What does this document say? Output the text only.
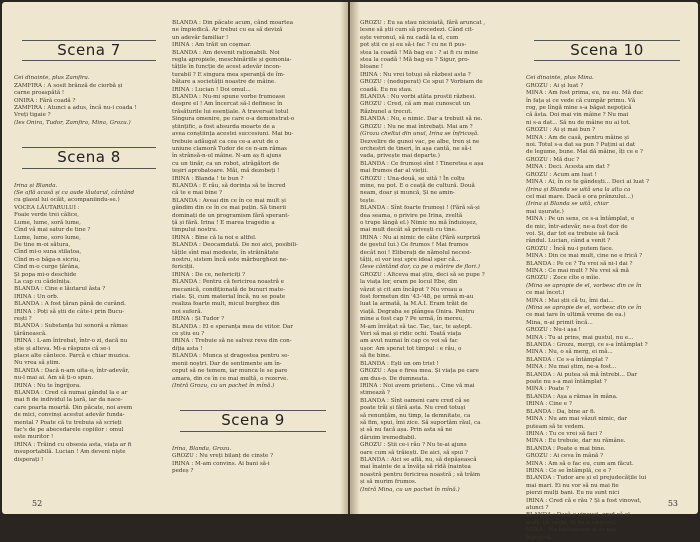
Scena 7

Cei dinainte, plus Zamfira.

ZAMFIRA : A sosit brânză de ciorbă și

carne proaspătă !

ONIRA : Fără coadă ?

ZAMFIRA : Atunci a adus, încă nu-i coada !

Vreți tigaie ?

(Ies Onira, Tudor, Zamfira, Mina, Grozu.)

Scena 8

Irina și Blanda.

(Se află acasă și ca aude lăutarul, cântând

cu glasul lui ocăit, acompaniindu-se.)

VOCEA LĂUTARULUI :

Foaie verde trei câlice,

Lume, lume, soră lume,

Cînd vă mai satur de tine ?

Lume, lume, soro lume,

De tine m-oi sătura,

Cînd mi-o suna stilatoa,

Cînd m-o băga-n sicriu,

Cînd m-o curge țărâna,

Și popa mi-o deschide

La cap cu cădelnița.

BLANDA : Cine e lăutarul ăsta ?

IRINA : Un orb.

BLANDA : A fost țăran până de curând.

IRINA : Poți să știi de câte-i prin Bucu-

rești ?

BLANDA : Substanța lui sonoră a rămas

țărănească.

IRINA : L-am întrebat, într-o zi, dacă nu

știe și alteva. Mi-a răspuns că se-i

place alte cântece. Parcă e chiar muzica.

Nu vrea să știm.

BLANDA : Dacă n-am uita-o, într-adevăr,

nu-l mai ai. Am să ți-o spun.

IRINA : Nu te îngrijora.

BLANDA : Cred că numai gândul la e ar

mai fi de individul la țară, iar da nace-

care poarta moartă. Din păcate, noi avem

de mici, convinși acestui adevăr funda-

mental ? Poate că tu trebuia să scrieți

fac's de pe abecedarele copiilor : omul

este muritor !

IRINA : Trăind cu obsesia asta, viața ar fi

insuportabilă. Lucian ! Am deveni niște

disperați !

BLANDA : Din păcate acum, când moartea

ne împiedică. Ar trebui cu ea să deviză

un adevăr familiar !

IRINA : Am trăit un coșmar.

BLANDA : Am devenit raționabili. Noi

regla apropiele, meschinăriile și gemonia-

tățile în funcție de acest adevăr incon-

turabil ? E singura mea speranță de îm-

bătare a societății noastre de mâine.

IRINA : Lucian ! Doi omul...

BLANDA : Nu-mi spune vorbe frumoase

despre el ! Am încercat să-l definesc în

trăsăturile lui esențiale. A traversat totul

Singura omenire, pe care o-a demonstrat-o

științific, a fost absurda moarte de a

avea conștiința acestei succesiuni. Mai bu-

trebuie adăugat ca cea ce-a avut de o

uniune clamoră Tudor de ce n-am rămas

în strânsă-n-ul mâine. N-am aș fi ajuns

cu un tinăr, ca un robot, atrăgători de

ieșiri aprobatoare. Măi, mă dezobeți !

IRINA : Blanda ! te bun ?

BLANDA : E rău, să dorința să te încred

că te e mai bine ?

BLANDA : Aveai din ce în ce mai mult și

gândim din ce în ce mai puțin. Să tinerii

dominați de un programism fără sperant-

ță și fără. Irina ! E marea tragedie a

timpului nostru.

IRINA : Bine că la noi e altfel.

BLANDA : Deocamdată. De noi aici, posibili-

tățile sînt mai modeste, în străinătate

nostru, sistem încă este mărburghezi ne-

fericiții.

IRINA : De ce, nefericiți ?

BLANDA : Pentru că fericirea noastră e

mecanică, condiționată de bunuri mate-

riale. Și, cum material încă, nu se poate

realiza foarte mult, micul burghez din

noi suferă.

IRINA : Și Tudor ?

BLANDA : El e speranța mea de viitor. Dar

ce știu eu ?

IRINA : Trebuie să ne salvez reva din con-

diția asta !

BLANDA : Munca și dragostea pentru se-

menii noștri. Dar de sentimente am în-

ceput să ne temem, iar munca le se pare

amara, din ce în ce mai multă, o rezerve.

(Intră Grozu, cu un pachet în mînă.)

Scena 9

Irina, Blanda, Grozu.

GROZU : Nu vreți bilanț de cinste ?

IRINA : M-am convins. Ai bani să-i

pedeș ?

52

GROZU : Eu sa stau nicioiată, fără aruncat ,

lesne să știi cum să procedezi. Când cit-

ește veronul, să nu cadă la el, cum

pot știi ce și eu să-i fac ? cu ne fi pus-

stea la coadă ! Mă bag eu : ? ai fi cu mine

stea la coadă ! Mă bag eu ? Sigur, pro-

bloane !

IRINA : Nu vrei totuși să răzbesi asta ?

GROZU : (neduperat) Ce spui ? Vorbiam de

coadă. Eu nu stau.

BLANDA : Nu vorbi atâta prostii răzbesi.

GROZU : Cred, că am mai cunoscut un

Răzbunel a trecut.

BLANDA : Nu, e nimic. Dar a trebuit să ne.

GROZU : Nu ne mai întrebați. Mai am ?

(Grozu cheltui din unul, Irina se înfricoșă.

Dezvelire de gunoi vac, pe albe, tren și ne

orchestri de tineri, în așa cantă, ne să-i

vada, privește mai departe.)

BLANDA : Ce frumoși sînt ! Tineretea e așa

mai frumos dar al vieții.

GROZU : Una-două, se uită ! În colțu

mine, nu pot. E o ceață de cultură. Două

neam, doar și muncă, Și ne amin-

tește.

BLANDA : Sînt foarte frumoși ! (Fără să-și

dea seama, o privire pe Irina, zveltă

o trupe lângă el.) Nimic nu mă înduioșez,

mai mult decât să privești cu tine.

IRINA : Nu ai nimic de câte (Fără surpriză

de gestul lui.) Ce frumos ! Mai frumos

decât noi ! Eliberați de nămolul necesi-

tății, ei vor ieși spre ideal sper că...

(Iese cântând dar, ca pe o mărire de flori.)

GROZU : Altceva mai știu, deci să se pupe ?

la viața lor, eram pe locul Ebe, din

vâzut și cit am încăput ? Nu vreau a

fost formetun din '43-'48, pe urmă m-au

luat la armată, la M.A.I. Eram trăit de

viață. Degraba se plângea Onira. Pentru

mine a fost cap ? Pe urmă, în mereu,

M-am învățat să tac. Tac, tac, te aștept.

Veri să mai și ridic ochi. Toată viața

am avut numai în cap ce voi să fac

ușor. Am sperat tot timpul : e rău, o

să fie bine.

BLANDA : Ești un om trist !

GROZU : Așa e firea mea. Și viața pe care

am dus-o. De dumneata.

IRINA : Noi avem prieteni... Cine vă mai

stimează ?

BLANDA : Sînt oameni care cred că se

poate trăi și fără asta. Nu cred totuși

să renunțăm, nu timp, la demnitate, ca

să fim, spui, îmi zice. Să suportăm răul, ca

și să nu facă așa. Prin asta să ne

dăruim iremediabil.

GROZU : Știi ce-i rău ? Nu te-ai ajuns

oare cum să trăiești. De aici, să spui ?

BLANDA : Aici se află, nu, să depășească

mai înainte de a învăța să rîdă înaintea

noastră pentru fericirea noastră ; să trăim

și să murim frumos.

(Intră Mina, cu un pachet în mînă.)

Scena 10

Cei dinainte, plus Mina.

GROZU : Ai și luat ?

MINA : Am fost prima, eu, nu eu. Mă duc

în fața și ce vede că cumpăr primu. Vă

rog, pe lîngă mine s-a băgat nepoțică

că ăsta. Doi mai vin mâine ? Nu mai

ni s-a dat... Să nu de mâine nu ai tot.

GROZU : Ai și mai bun ?

MINA : Am de casă, pentru mâine și

noi. Totul s-a dat sa pun ? Puțini ai dat

de legume, bune. Mai dă mâine, îți ce e ?

GROZU : Mă duc ?

MINA : Deci. Acesta am dat ?

GROZU : Acum am luat !

MINA : Ai, în ce te gândești... Deci ai luat ?

(Irina și Blanda se uită una la alta ca

cel mai mare. Dacă e ora prânzului...)

(Irina și Blanda se uită, chiar

mai ușurate.)

MINA : Pe un sens, ce s-a întâmplat, e

de mic, într-adevăr, ne-a fost dor de

voi. Și, dar tot ea trebuie să facă

rândul. Lucian, când a venit ?

GROZU : Încă nu-i putem face.

MINA : Din ce mai mult, cine ne e frică ?

BLANDA : Pe ce ? Tu vrei să ni-l dai ?

MINA : Ce mai mult ? Nu vrei să mă

GROZU : Zece cîte o mîie.

(Mina se apropie de el, vorbesc din ce în

ce mai încet.)

MINA : Mai știi că tu, îmi dai...

(Mina se apropie de el, vorbesc din ce în

ce mai tare în ultimă vreme de ea.)

Mina, n-ai primit încă...

GROZU : Nu-i așa !

MINA : Tu ai prins, mai gustul, nu e...

BLANDA : Grozu, mergi, ce s-a întâmplat ?

MINA : Nu, o să merg, ei mă...

BLANDA : Ce s-a întâmplat ?

MINA : Nu mai știm, ne-a fost...

BLANDA : Ai putea să mă întrebi... Dar

poate nu s-a mai întâmplat ?

MINA : Poate ?

BLANDA : Așa a rămas în mâna.

IRINA : Cine e ?

BLANDA : Da, bine ar fi.

MINA : Nu am mai văzut nimic, dar

puteam să te vedem.

IRINA : Tu ce vrei să faci ?

MINA : Eu trebuie, dar nu rămâne.

BLANDA : Poate e mai bine.

GROZU : Ai ceva în mână ?

MINA : Am să o fac eu, cum am făcut.

IRINA : Ce se întâmplă, ce e ?

BLANDA : Tudor are și el prejudecățile lui

mai mari. Ei nu vor să nu mai fie

pierzi mulți bani. Eu nu sunt nici

IRINA : Cred că e rău ? Și a fost vinovat,

atunci ?

BLANDA : Dacă e vinovat, cred că el

mult, un vechi. Și nu e singurul.

MINA : Nu înțelegeam și se mai

îngrijoră.

53
